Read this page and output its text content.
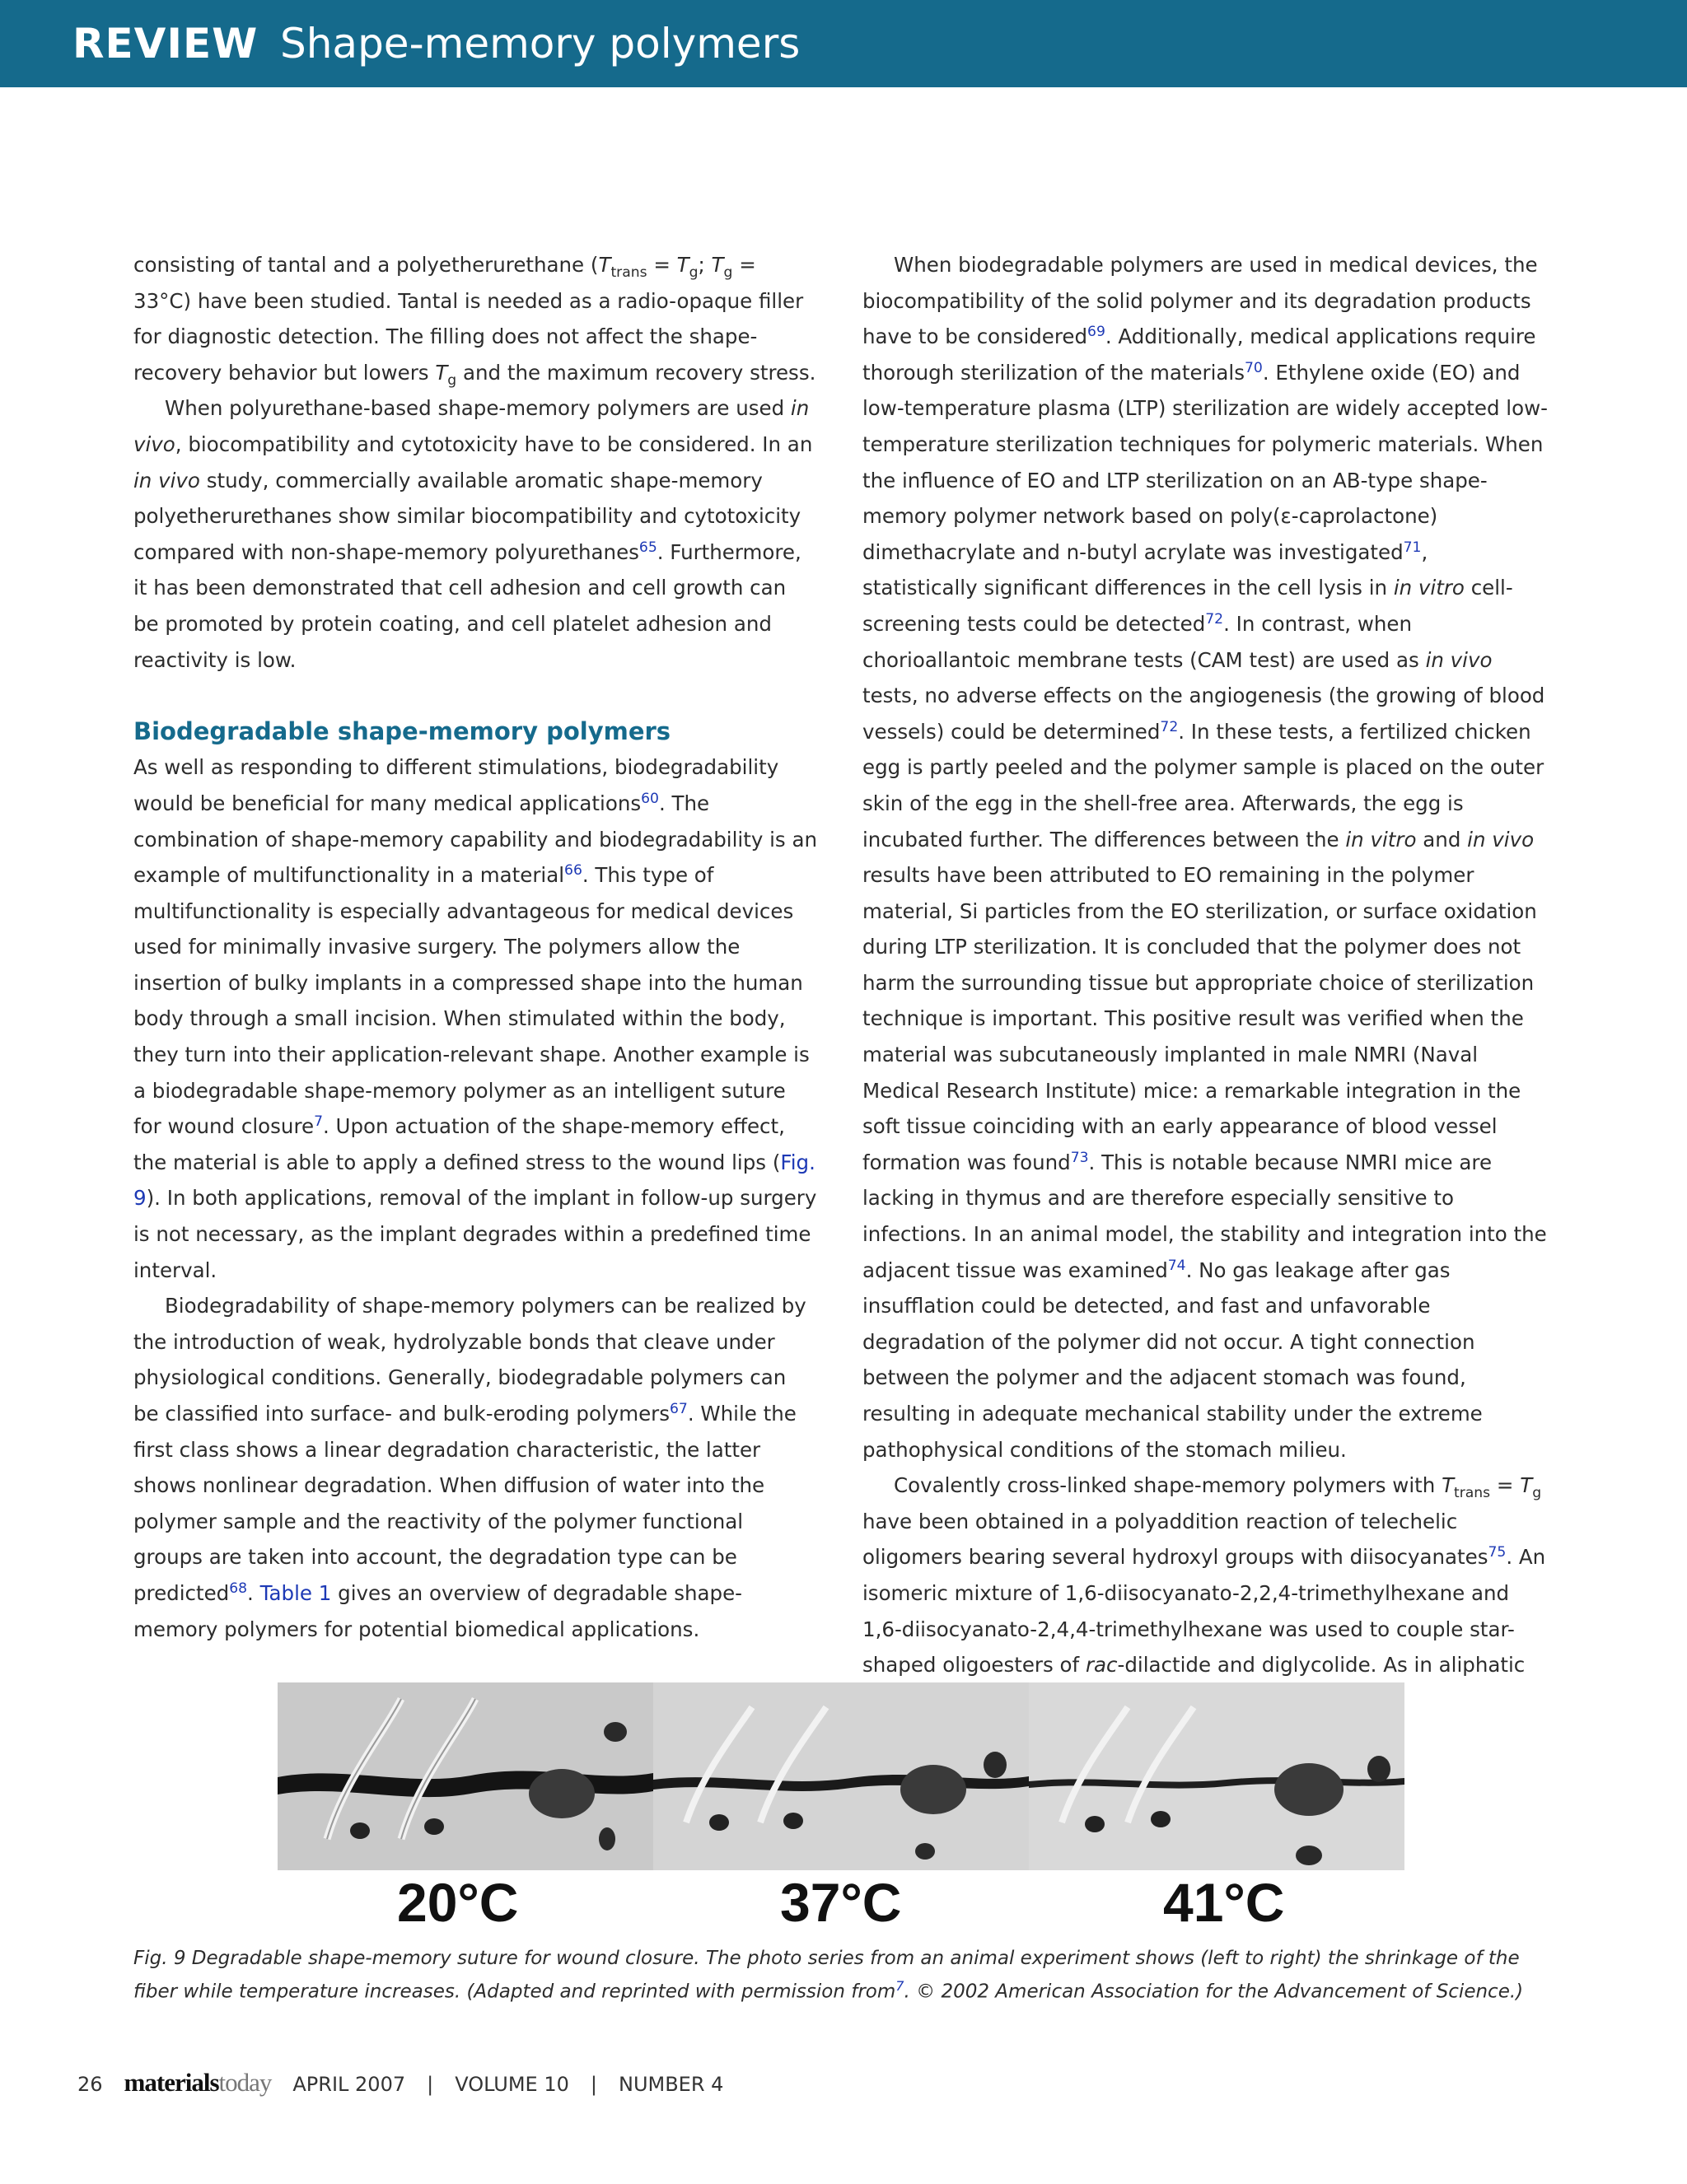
REVIEW Shape-memory polymers

consisting of tantal and a polyetherurethane ($T_{trans} = T_g$; $T_g = 33^\circ C$) have been studied. Tantal is needed as a radio-opaque filler for diagnostic detection. The filling does not affect the shape-recovery behavior but lowers $T_g$ and the maximum recovery stress.

When polyurethane-based shape-memory polymers are used in vivo, biocompatibility and cytotoxicity have to be considered. In an in vivo study, commercially available aromatic shape-memory polyetherurethanes show similar biocompatibility and cytotoxicity compared with non-shape-memory polyurethanes$^{65}$. Furthermore, it has been demonstrated that cell adhesion and cell growth can be promoted by protein coating, and cell platelet adhesion and reactivity is low.

Biodegradable shape-memory polymers

As well as responding to different stimulations, biodegradability would be beneficial for many medical applications$^{60}$. The combination of shape-memory capability and biodegradability is an example of multifunctionality in a material$^{66}$. This type of multifunctionality is especially advantageous for medical devices used for minimally invasive surgery. The polymers allow the insertion of bulky implants in a compressed shape into the human body through a small incision. When stimulated within the body, they turn into their application-relevant shape. Another example is a biodegradable shape-memory polymer as an intelligent suture for wound closure$^7$. Upon actuation of the shape-memory effect, the material is able to apply a defined stress to the wound lips (Fig. 9). In both applications, removal of the implant in follow-up surgery is not necessary, as the implant degrades within a predefined time interval.

Biodegradability of shape-memory polymers can be realized by the introduction of weak, hydrolyzable bonds that cleave under physiological conditions. Generally, biodegradable polymers can be classified into surface- and bulk-eroding polymers$^{67}$. While the first class shows a linear degradation characteristic, the latter shows nonlinear degradation. When diffusion of water into the polymer sample and the reactivity of the polymer functional groups are taken into account, the degradation type can be predicted$^{68}$. Table 1 gives an overview of degradable shape-memory polymers for potential biomedical applications.

When biodegradable polymers are used in medical devices, the biocompatibility of the solid polymer and its degradation products have to be considered$^{69}$. Additionally, medical applications require thorough sterilization of the materials$^{70}$. Ethylene oxide (EO) and low-temperature plasma (LTP) sterilization are widely accepted low-temperature sterilization techniques for polymeric materials. When the influence of EO and LTP sterilization on an AB-type shape-memory polymer network based on poly(ε-caprolactone) dimethacrylate and n-butyl acrylate was investigated$^{71}$, statistically significant differences in the cell lysis in in vitro cell-screening tests could be detected$^{72}$. In contrast, when chorioallantoic membrane tests (CAM test) are used as in vivo tests, no adverse effects on the angiogenesis (the growing of blood vessels) could be determined$^{72}$. In these tests, a fertilized chicken egg is partly peeled and the polymer sample is placed on the outer skin of the egg in the shell-free area. Afterwards, the egg is incubated further. The differences between the in vitro and in vivo results have been attributed to EO remaining in the polymer material, Si particles from the EO sterilization, or surface oxidation during LTP sterilization. It is concluded that the polymer does not harm the surrounding tissue but appropriate choice of sterilization technique is important. This positive result was verified when the material was subcutaneously implanted in male NMRI (Naval Medical Research Institute) mice: a remarkable integration in the soft tissue coinciding with an early appearance of blood vessel formation was found$^{73}$. This is notable because NMRI mice are lacking in thymus and are therefore especially sensitive to infections. In an animal model, the stability and integration into the adjacent tissue was examined$^{74}$. No gas leakage after gas insufflation could be detected, and fast and unfavorable degradation of the polymer did not occur. A tight connection between the polymer and the adjacent stomach was found, resulting in adequate mechanical stability under the extreme pathophysical conditions of the stomach milieu.

Covalently cross-linked shape-memory polymers with $T_{trans} = T_g$ have been obtained in a polyaddition reaction of telechelic oligomers bearing several hydroxyl groups with diisocyanates$^{75}$. An isomeric mixture of 1,6-diisocyanato-2,2,4-trimethylhexane and 1,6-diisocyanato-2,4,4-trimethylhexane was used to couple star-shaped oligoesters of rac-dilactide and diglycolide. As in aliphatic

20°C	37°C	41°C
Fig. 9 Degradable shape-memory suture for wound closure. The photo series from an animal experiment shows (left to right) the shrinkage of the fiber while temperature increases. (Adapted and reprinted with permission from$^7$. © 2002 American Association for the Advancement of Science.)
26 materialstoday APRIL 2007 | VOLUME 10 | NUMBER 4
